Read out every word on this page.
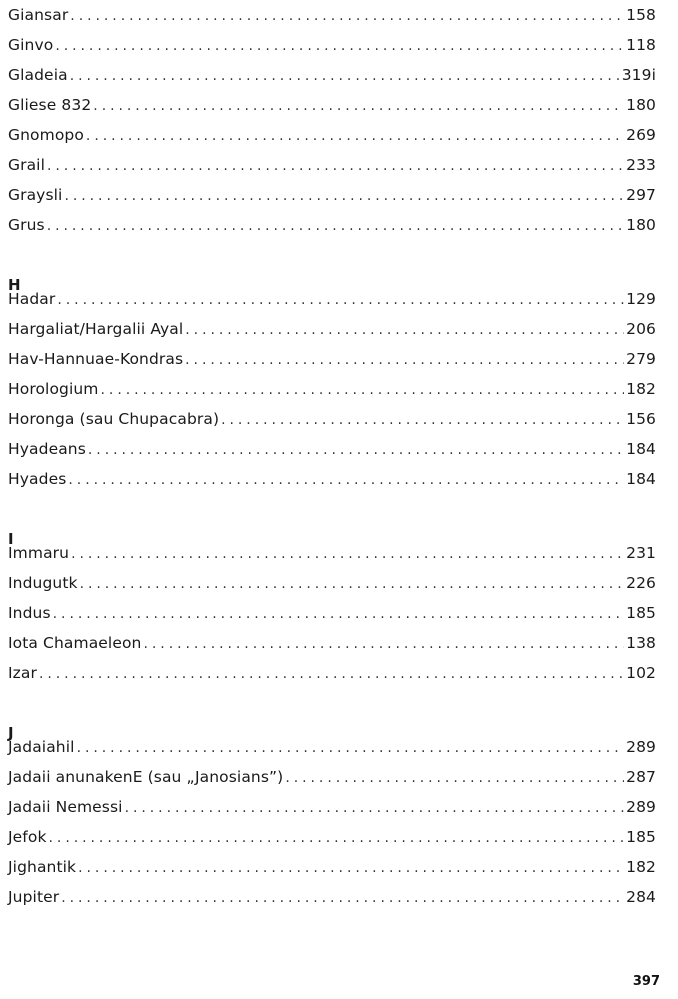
Giansar . . .	158
Ginvo . . .	118
Gladeia . . .	319i
Gliese 832 . . .	180
Gnomopo . . .	269
Grail . . .	233
Graysli . . .	297
Grus . . .	180
H
Hadar . . .	129
Hargaliat/Hargalii Ayal . . .	206
Hav-Hannuae-Kondras . . .	279
Horologium . . .	182
Horonga (sau Chupacabra) . . .	156
Hyadeans . . .	184
Hyades . . .	184
I
Immaru . . .	231
Indugutk . . .	226
Indus . . .	185
Iota Chamaeleon . . .	138
Izar . . .	102
J
Jadaiahil . . .	289
Jadaii anunakenE (sau „Janosians”) . . .	287
Jadaii Nemessi . . .	289
Jefok . . .	185
Jighantik . . .	182
Jupiter . . .	284
397
